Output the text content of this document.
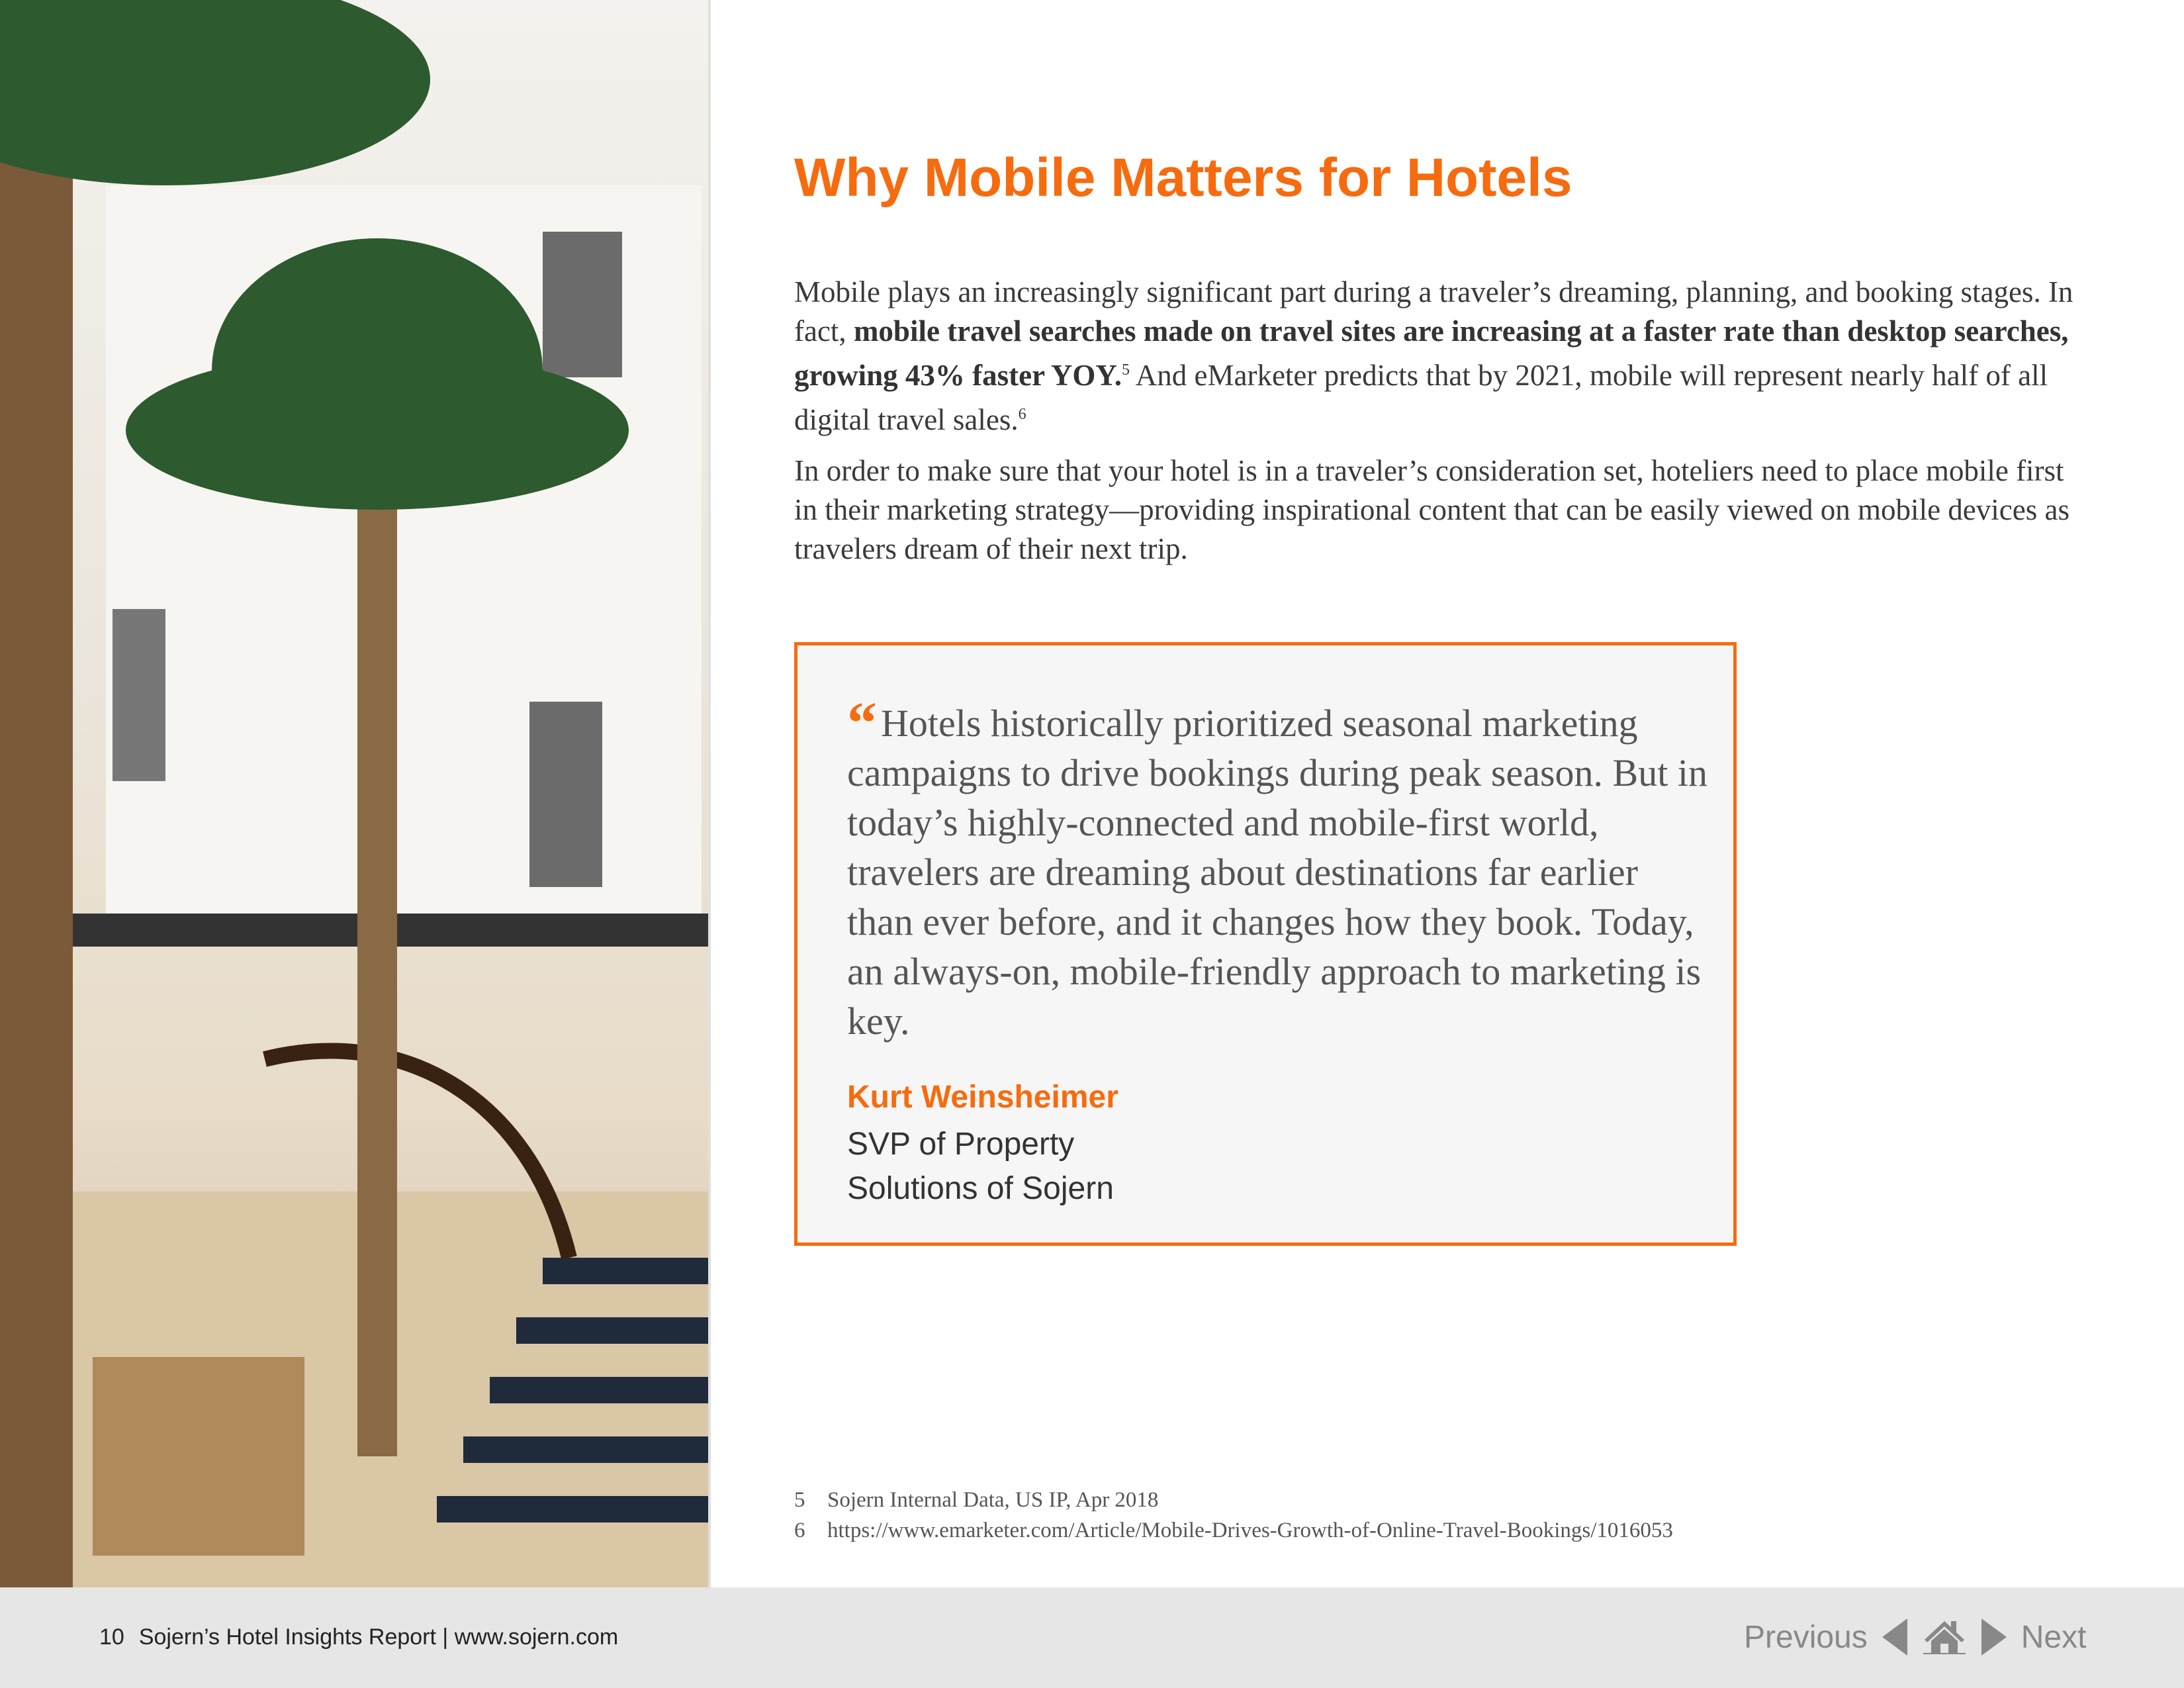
Why Mobile Matters for Hotels

Mobile plays an increasingly significant part during a traveler’s dreaming, planning, and booking stages. In fact, mobile travel searches made on travel sites are increasing at a faster rate than desktop searches, growing 43% faster YOY.$^5$ And eMarketer predicts that by 2021, mobile will represent nearly half of all digital travel sales.$^6$

In order to make sure that your hotel is in a traveler’s consideration set, hoteliers need to place mobile first in their marketing strategy—providing inspirational content that can be easily viewed on mobile devices as travelers dream of their next trip.

“ Hotels historically prioritized seasonal marketing campaigns to drive bookings during peak season. But in today’s highly-connected and mobile-first world, travelers are dreaming about destinations far earlier than ever before, and it changes how they book. Today, an always-on, mobile-friendly approach to marketing is key.

Kurt Weinsheimer
SVP of Property
Solutions of Sojern
5 Sojern Internal Data, US IP, Apr 2018
6 https://www.emarketer.com/Article/Mobile-Drives-Growth-of-Online-Travel-Bookings/1016053
10 Sojern’s Hotel Insights Report | www.sojern.com	Previous	Next
